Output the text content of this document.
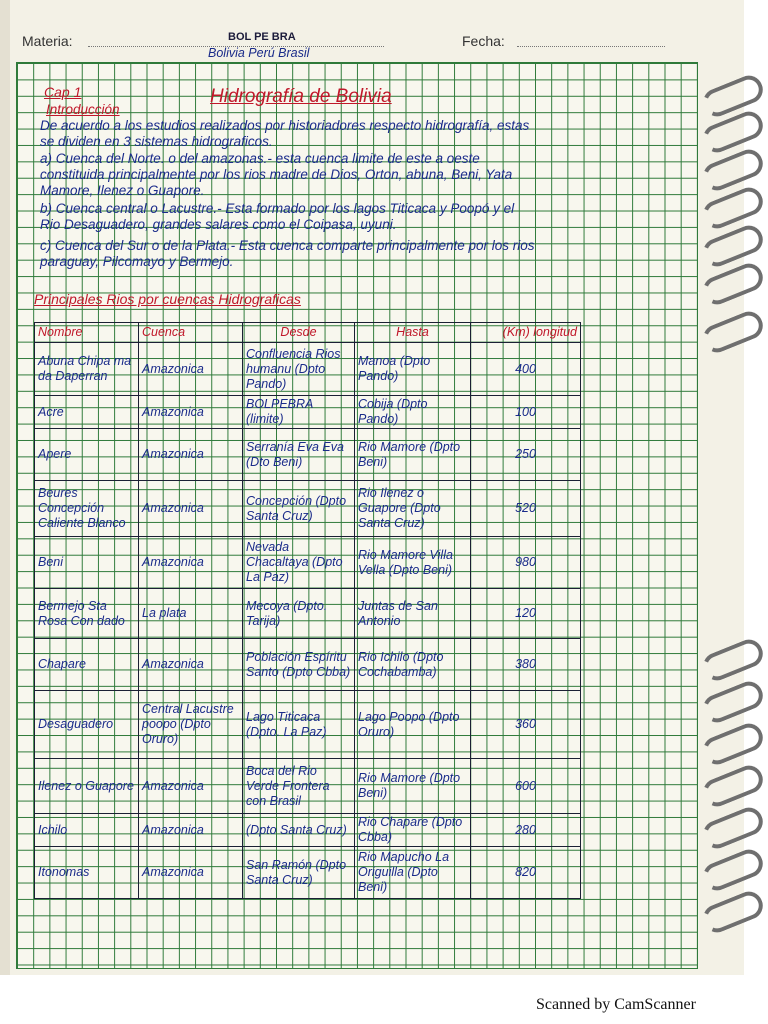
Materia:	BOL PE BRA
Bolivia Perú Brasil
Fecha:
Cap 1	Hidrografía de Bolivia
Introducción
De acuerdo a los estudios realizados por historiadores respecto hidrografía, estas
se dividen en 3 sistemas hidrograficos.
a) Cuenca del Norte. o del amazonas.- esta cuenca limite de este a oeste
constituida principalmente por los rios madre de Dios, Orton, abuna, Beni, Yata
Mamore, Ilenez o Guapore.
b) Cuenca central o Lacustre.- Esta formado por los lagos Titicaca y Poopó y el
Rio Desaguadero, grandes salares como el Coipasa, uyuni.
c) Cuenca del Sur o de la Plata.- Esta cuenca comparte principalmente por los rios
paraguay, Pilcomayo y Bermejo.
Principales Rios por cuencas Hidrograficas
Nombre	Cuenca	Desde	Hasta	(Km) longitud
Abuna Chipa ma da Daperran	Amazonica	Confluencia Rios humanu (Dpto Pando)	Manoa (Dpto Pando)	400
Acre	Amazonica	BOLPEBRA (limite)	Cobija (Dpto Pando)	100
Apere	Amazonica	Serranía Eva Eva (Dto Beni)	Rio Mamore (Dpto Beni)	250
Beures Concepción Caliente Blanco	Amazonica	Concepción (Dpto Santa Cruz)	Rio Ilenez o Guapore (Dpto Santa Cruz)	520
Beni	Amazonica	Nevada Chacaltaya (Dpto La Paz)	Rio Mamore Villa Vella (Dpto Beni)	980
Bermejo Sta Rosa Con dado	La plata	Mecoya (Dpto. Tarija)	Juntas de San Antonio	120
Chapare	Amazonica	Población Espíritu Santo (Dpto Cbba)	Rio Ichilo (Dpto Cochabamba)	380
Desaguadero	Central Lacustre poopo (Dpto Oruro)	Lago Titicaca (Dpto. La Paz)	Lago Poopo (Dpto Oruro)	360
Ilenez o Guapore	Amazonica	Boca del Rio Verde Frontera con Brasil	Rio Mamore (Dpto Beni)	600
Ichilo	Amazonica	(Dpto Santa Cruz)	Rio Chapare (Dpto Cbba)	280
Itonomas	Amazonica	San Ramón (Dpto Santa Cruz)	Rio Mapucho La Origuilla (Dpto Beni)	820
Scanned by CamScanner
